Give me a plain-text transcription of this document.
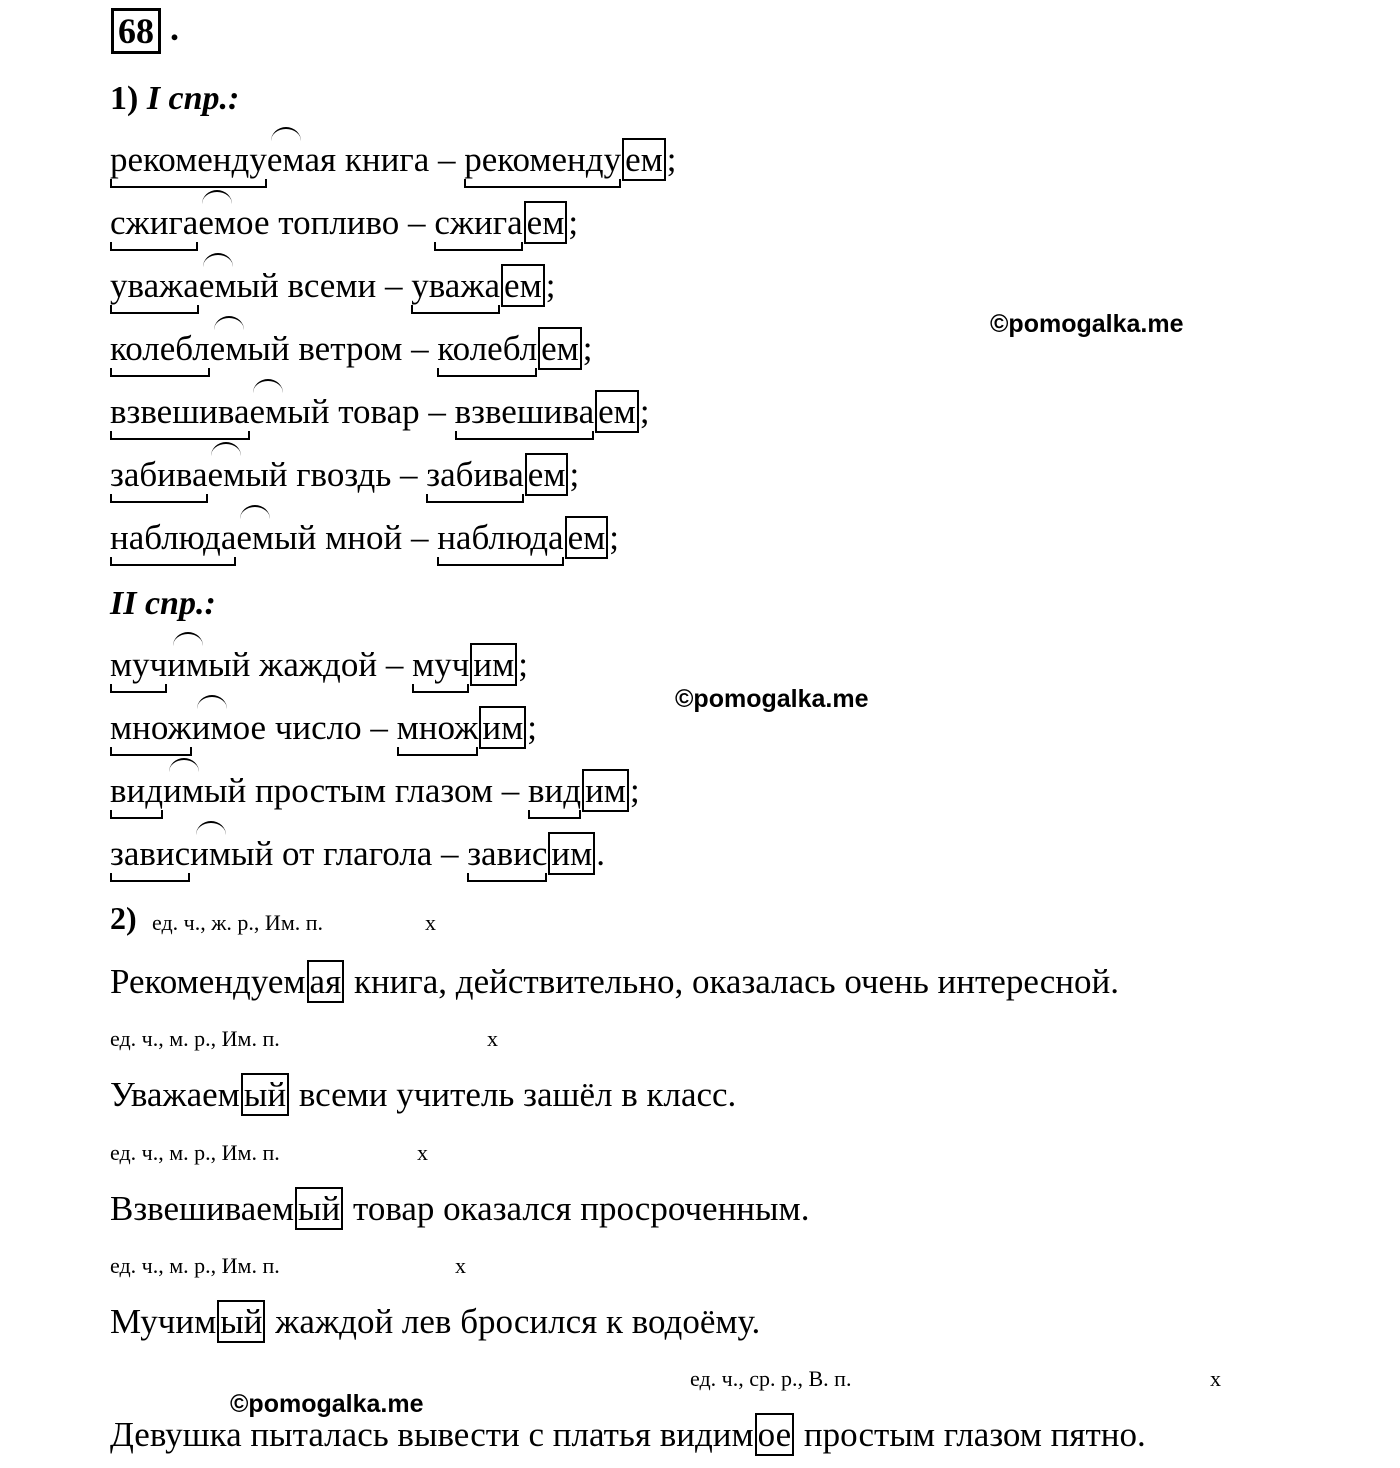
68 .
1) I спр.:
рекомендуемая книга – рекоменду ем ;
сжигаемое топливо – сжига ем ;
уважаемый всеми – уважа ем ;
колеблемый ветром – колебл ем ;
взвешиваемый товар – взвешива ем ;
забиваемый гвоздь – забива ем ;
наблюдаемый мной – наблюда ем ;
II спр.:
мучимый жаждой – муч им ;
множимое число – множ им ;
видимый простым глазом – вид им ;
зависимый от глагола – завис им .
2) ед. ч., ж. р., Им. п.	х
Рекомендуем ая книга, действительно, оказалась очень интересной.
ед. ч., м. р., Им. п.	х
Уважаем ый всеми учитель зашёл в класс.
ед. ч., м. р., Им. п.	х
Взвешиваем ый товар оказался просроченным.
ед. ч., м. р., Им. п.	х
Мучим ый жаждой лев бросился к водоёму.
ед. ч., ср. р., В. п.	х
Девушка пыталась вывести с платья видим ое простым глазом пятно.
©pomogalka.me
©pomogalka.me
©pomogalka.me
